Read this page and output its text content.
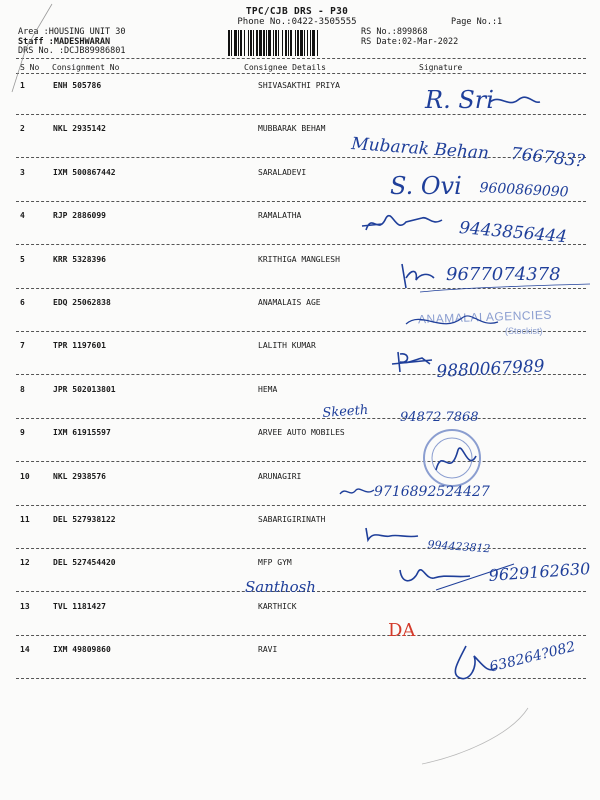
TPC/CJB DRS - P30
Phone No.:0422-3505555	Page No.:1
Area :HOUSING UNIT 30
Staff :MADESHWARAN
DRS No. :DCJB89986801
RS No.:899868
RS Date:02-Mar-2022
S No Consignment No	Consignee Details	Signature
1	ENH 505786	SHIVASAKTHI PRIYA
2	NKL 2935142	MUBBARAK BEHAM
3	IXM 500867442	SARALADEVI
4	RJP 2886099	RAMALATHA
5	KRR 5328396	KRITHIGA MANGLESH
6	EDQ 25062838	ANAMALAIS AGE
7	TPR 1197601	LALITH KUMAR
8	JPR 502013801	HEMA
9	IXM 61915597	ARVEE AUTO MOBILES
10	NKL 2938576	ARUNAGIRI
11	DEL 527938122	SABARIGIRINATH
12	DEL 527454420	MFP GYM
13	TVL 1181427	KARTHICK
14	IXM 49809860	RAVI
R. Sri
Mubarak Behan 766783?
S. Ovi 9600869090
9443856444
9677074378
ANAMALAI AGENCIES
(Stockist)
9880067989
Skeeth 94872 7868
9716892524427
994423812
Santhosh
9629162630
DA
638264?082
